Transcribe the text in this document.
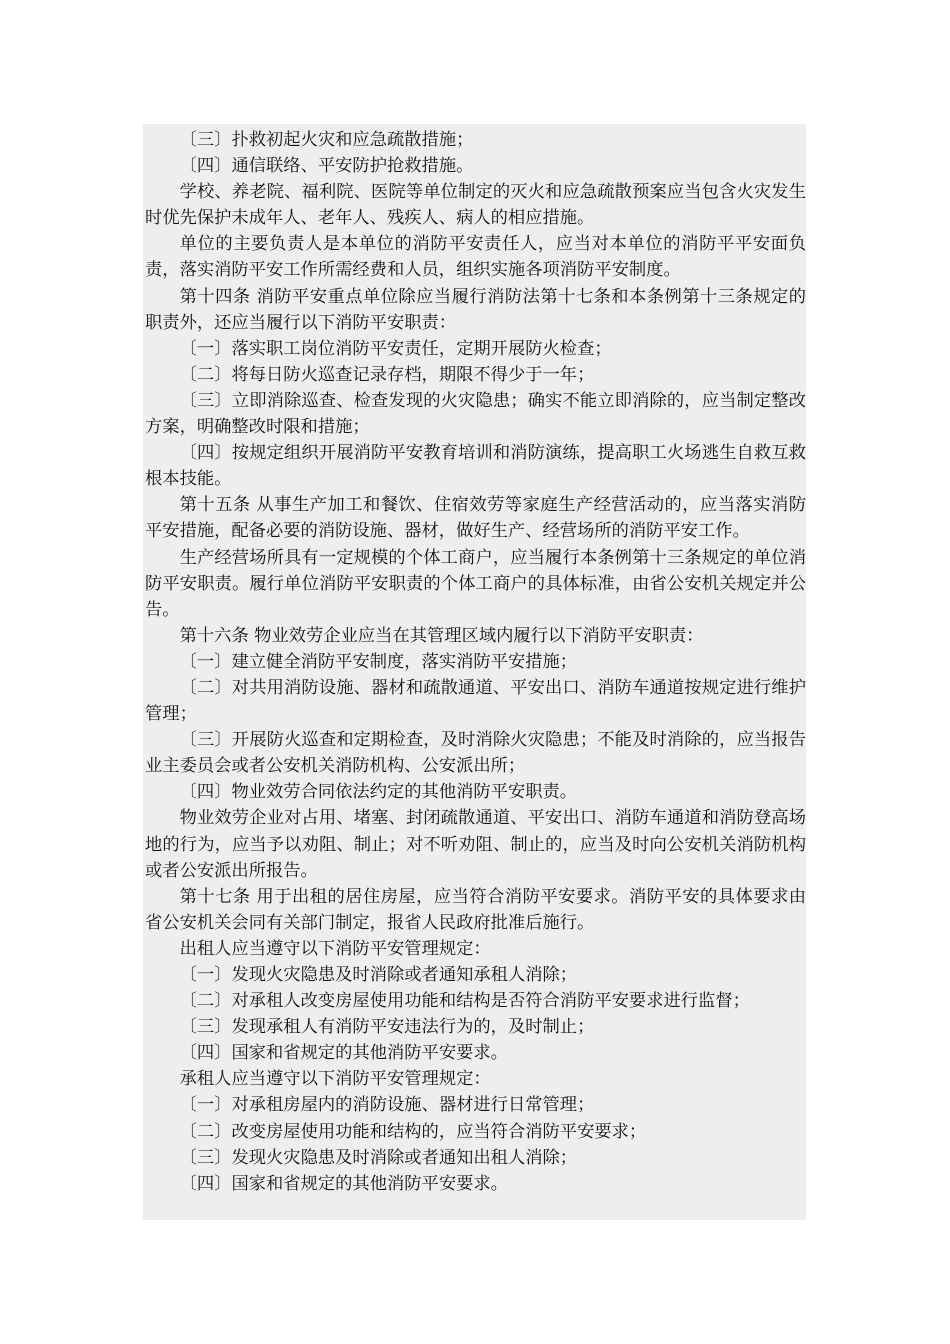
〔三〕扑救初起火灾和应急疏散措施；

〔四〕通信联络、平安防护抢救措施。

学校、养老院、福利院、医院等单位制定的灭火和应急疏散预案应当包含火灾发生时优先保护未成年人、老年人、残疾人、病人的相应措施。

单位的主要负责人是本单位的消防平安责任人，应当对本单位的消防平平安面负责，落实消防平安工作所需经费和人员，组织实施各项消防平安制度。

第十四条 消防平安重点单位除应当履行消防法第十七条和本条例第十三条规定的职责外，还应当履行以下消防平安职责：

〔一〕落实职工岗位消防平安责任，定期开展防火检查；

〔二〕将每日防火巡查记录存档，期限不得少于一年；

〔三〕立即消除巡查、检查发现的火灾隐患；确实不能立即消除的，应当制定整改方案，明确整改时限和措施；

〔四〕按规定组织开展消防平安教育培训和消防演练，提高职工火场逃生自救互救根本技能。

第十五条 从事生产加工和餐饮、住宿效劳等家庭生产经营活动的，应当落实消防平安措施，配备必要的消防设施、器材，做好生产、经营场所的消防平安工作。

生产经营场所具有一定规模的个体工商户，应当履行本条例第十三条规定的单位消防平安职责。履行单位消防平安职责的个体工商户的具体标准，由省公安机关规定并公告。

第十六条 物业效劳企业应当在其管理区域内履行以下消防平安职责：

〔一〕建立健全消防平安制度，落实消防平安措施；

〔二〕对共用消防设施、器材和疏散通道、平安出口、消防车通道按规定进行维护管理；

〔三〕开展防火巡查和定期检查，及时消除火灾隐患；不能及时消除的，应当报告业主委员会或者公安机关消防机构、公安派出所；

〔四〕物业效劳合同依法约定的其他消防平安职责。

物业效劳企业对占用、堵塞、封闭疏散通道、平安出口、消防车通道和消防登高场地的行为，应当予以劝阻、制止；对不听劝阻、制止的，应当及时向公安机关消防机构或者公安派出所报告。

第十七条 用于出租的居住房屋，应当符合消防平安要求。消防平安的具体要求由省公安机关会同有关部门制定，报省人民政府批准后施行。

出租人应当遵守以下消防平安管理规定：

〔一〕发现火灾隐患及时消除或者通知承租人消除；

〔二〕对承租人改变房屋使用功能和结构是否符合消防平安要求进行监督；

〔三〕发现承租人有消防平安违法行为的，及时制止；

〔四〕国家和省规定的其他消防平安要求。

承租人应当遵守以下消防平安管理规定：

〔一〕对承租房屋内的消防设施、器材进行日常管理；

〔二〕改变房屋使用功能和结构的，应当符合消防平安要求；

〔三〕发现火灾隐患及时消除或者通知出租人消除；

〔四〕国家和省规定的其他消防平安要求。
